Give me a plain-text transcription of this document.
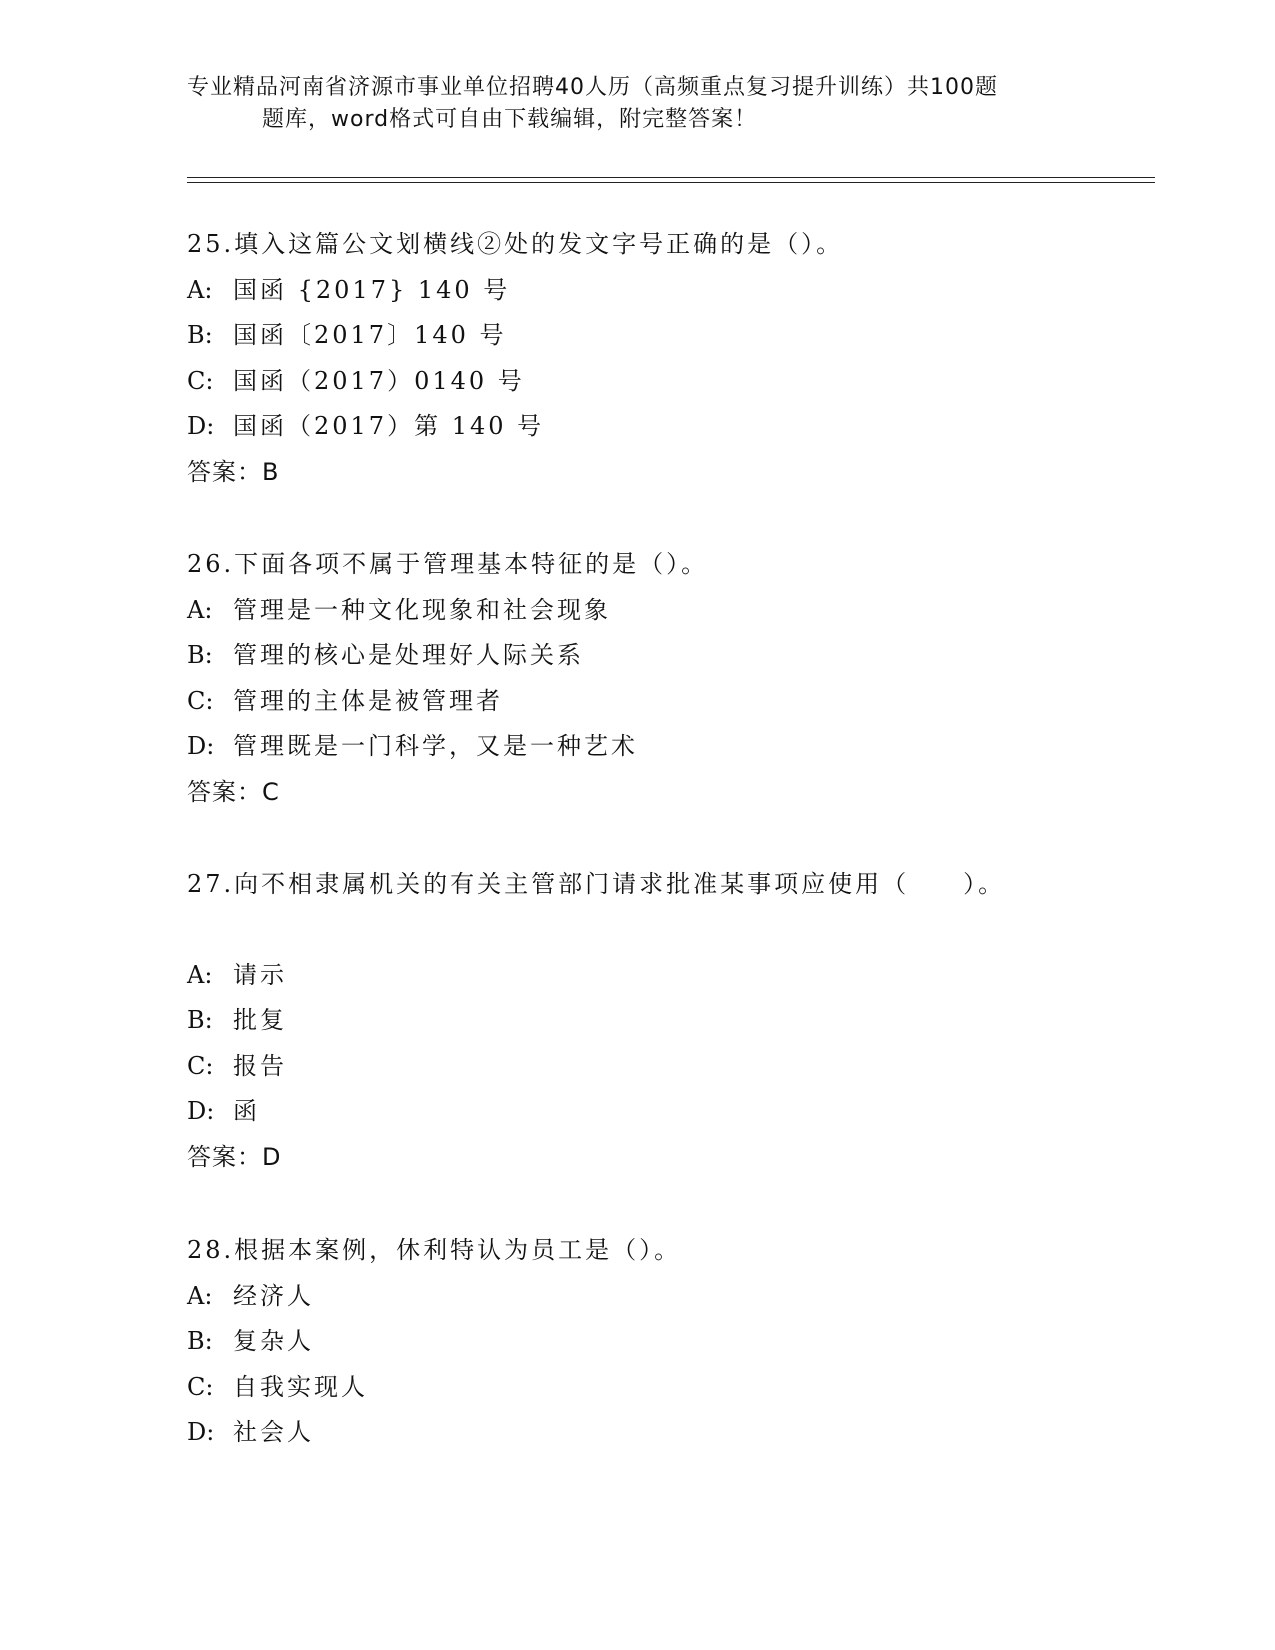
专业精品河南省济源市事业单位招聘40人历（高频重点复习提升训练）共100题
题库，word格式可自由下载编辑，附完整答案！
25.填入这篇公文划横线②处的发文字号正确的是（）。
A: 国函 {2017} 140 号
B: 国函〔2017〕140 号
C: 国函（2017）0140 号
D: 国函（2017）第 140 号
答案：B
26.下面各项不属于管理基本特征的是（）。
A: 管理是一种文化现象和社会现象
B: 管理的核心是处理好人际关系
C: 管理的主体是被管理者
D: 管理既是一门科学，又是一种艺术
答案：C
27.向不相隶属机关的有关主管部门请求批准某事项应使用（　　）。
A: 请示
B: 批复
C: 报告
D: 函
答案：D
28.根据本案例，休利特认为员工是（）。
A: 经济人
B: 复杂人
C: 自我实现人
D: 社会人
